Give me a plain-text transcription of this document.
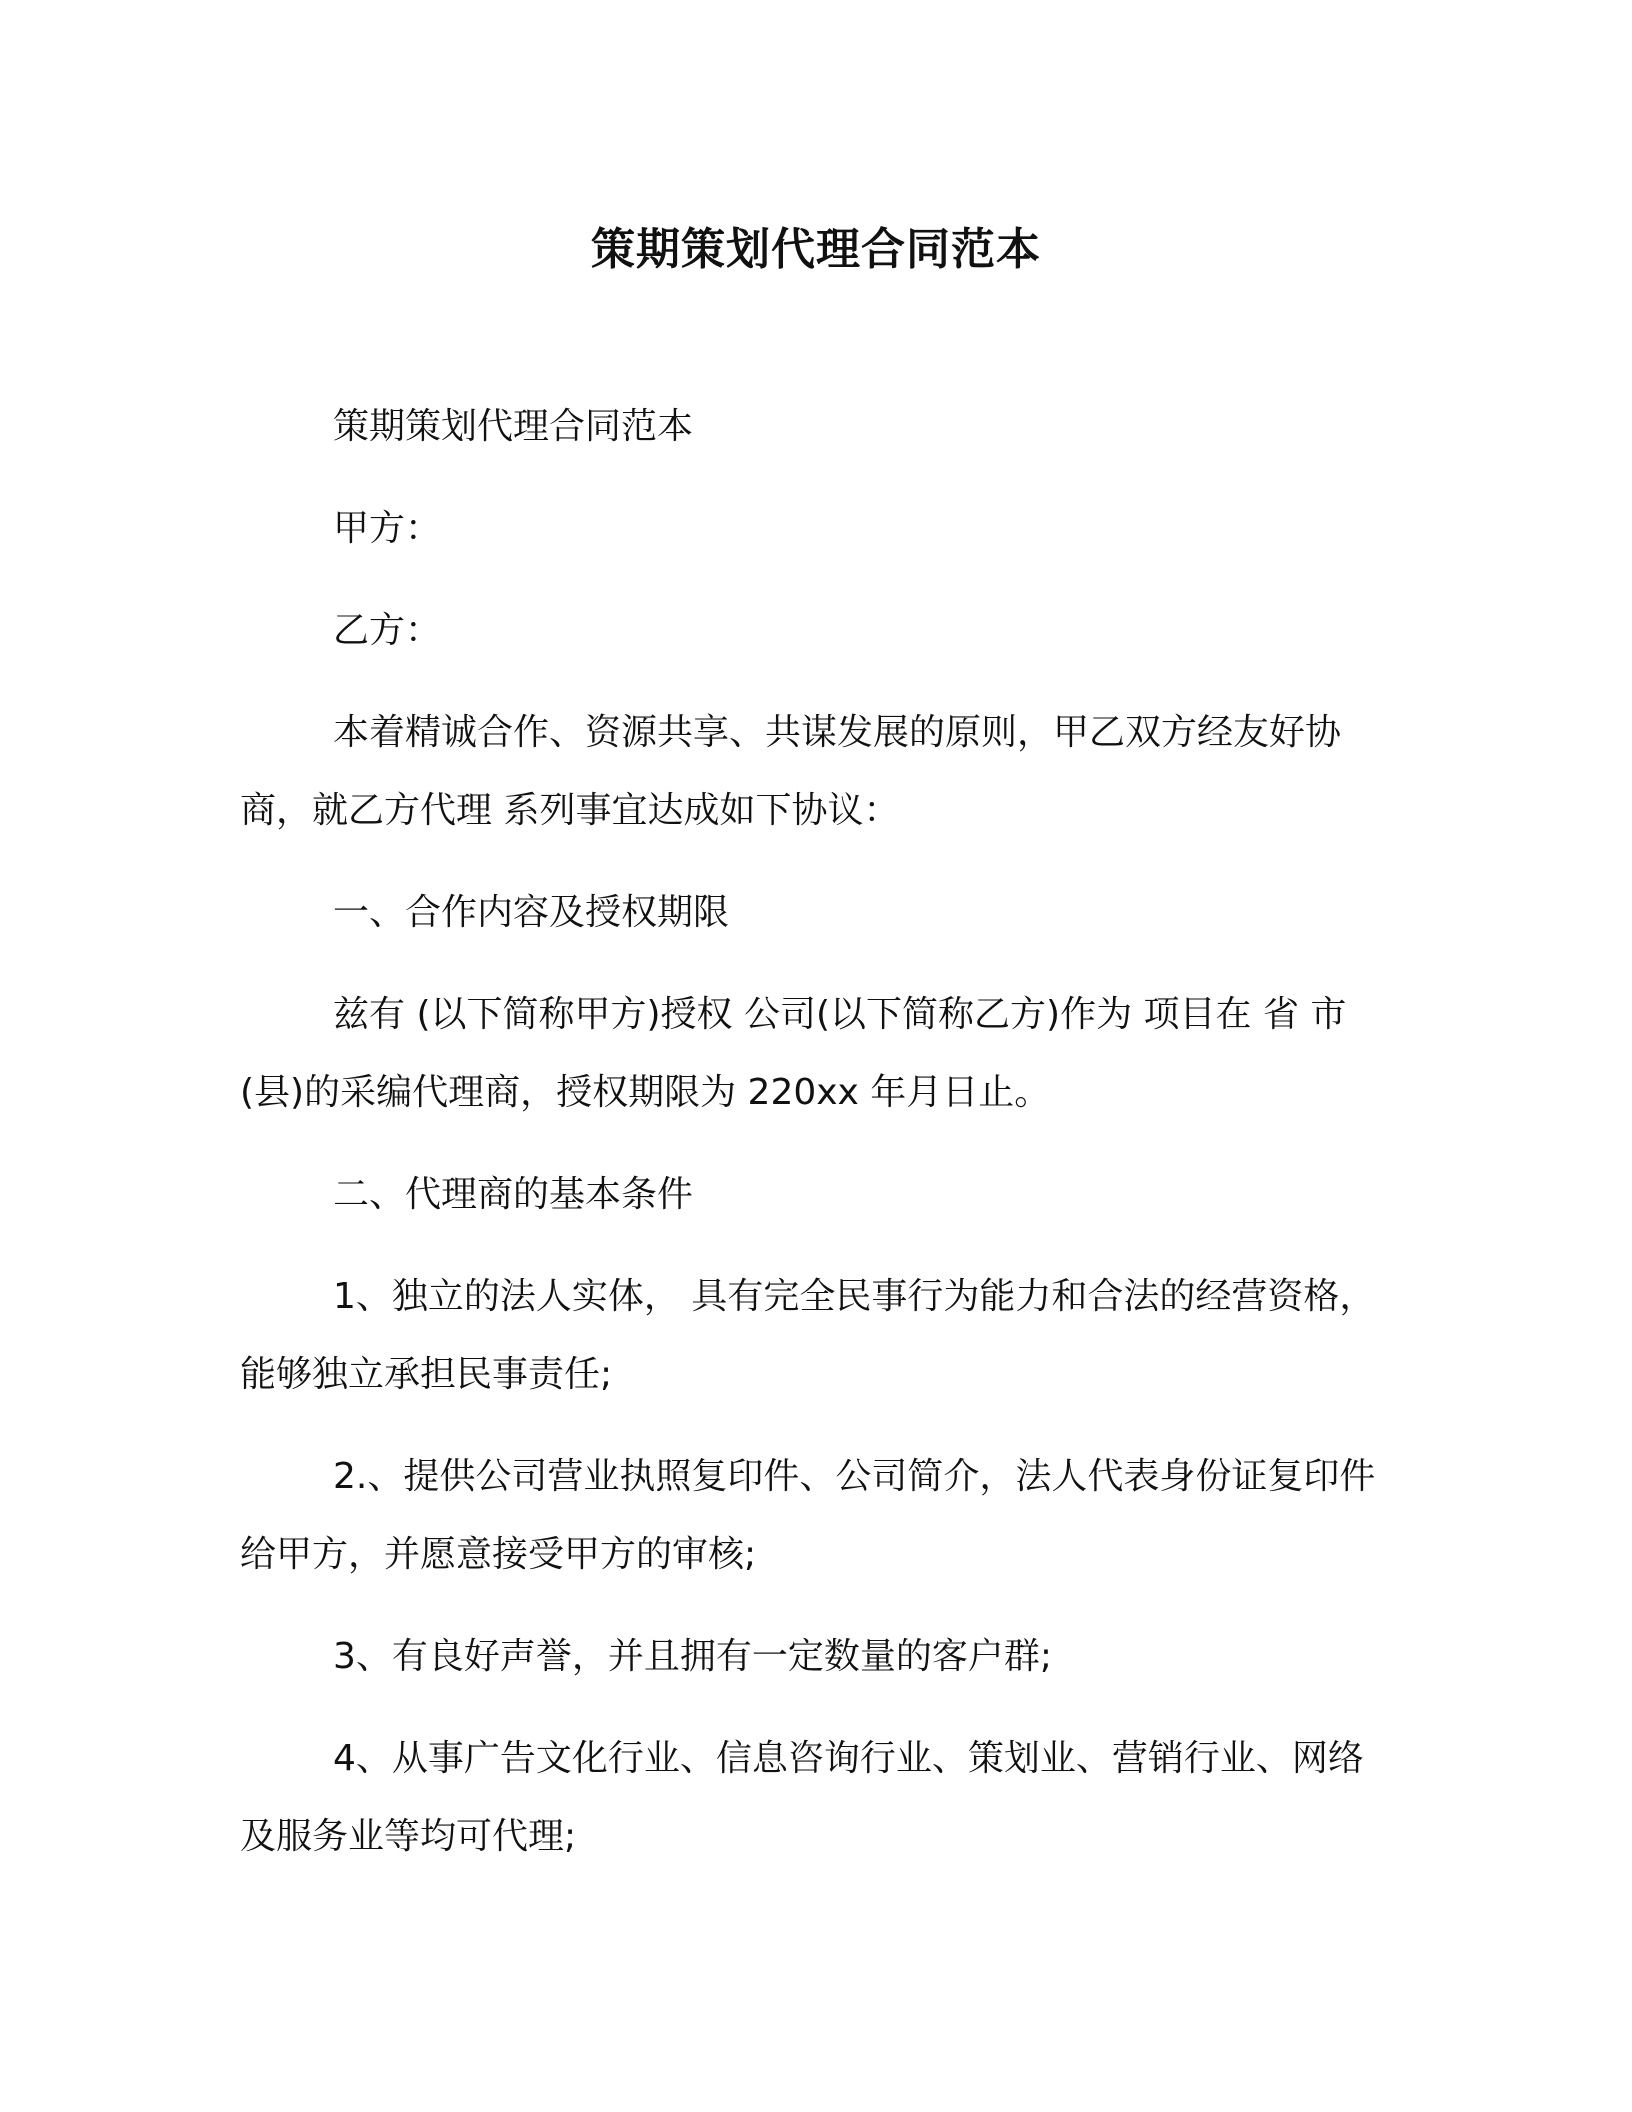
策期策划代理合同范本

策期策划代理合同范本

甲方：

乙方：

本着精诚合作、资源共享、共谋发展的原则，甲乙双方经友好协商，就乙方代理 系列事宜达成如下协议：

一、合作内容及授权期限

兹有 (以下简称甲方)授权 公司(以下简称乙方)作为 项目在 省 市(县)的采编代理商，授权期限为 220xx 年月日止。

二、代理商的基本条件

1、独立的法人实体， 具有完全民事行为能力和合法的经营资格，能够独立承担民事责任;

2.、提供公司营业执照复印件、公司简介，法人代表身份证复印件给甲方，并愿意接受甲方的审核;

3、有良好声誉，并且拥有一定数量的客户群;

4、从事广告文化行业、信息咨询行业、策划业、营销行业、网络及服务业等均可代理;
